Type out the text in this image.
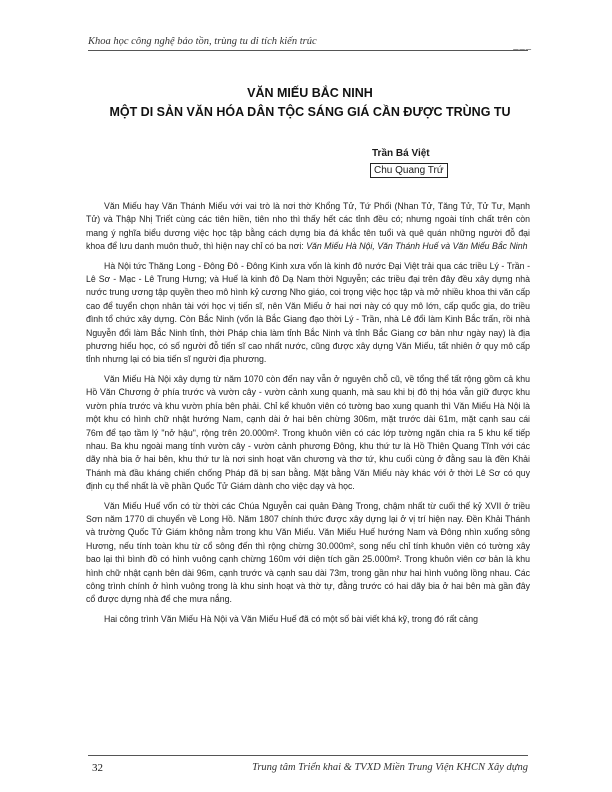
Khoa học công nghệ bảo tồn, trùng tu di tích kiến trúc	___
VĂN MIẾU BẮC NINH
MỘT DI SẢN VĂN HÓA DÂN TỘC SÁNG GIÁ CẦN ĐƯỢC TRÙNG TU
Trần Bá Việt
Chu Quang Trứ

Văn Miếu hay Văn Thánh Miếu với vai trò là nơi thờ Khổng Tử, Tứ Phối (Nhan Tử, Tăng Tử, Tử Tư, Mạnh Tử) và Thập Nhị Triết cùng các tiên hiền, tiên nho thì thấy hết các tỉnh đều có; nhưng ngoài tính chất trên còn mang ý nghĩa biểu dương việc học tập bằng cách dựng bia đá khắc tên tuổi và quê quán những người đỗ đại khoa để lưu danh muôn thuở, thì hiện nay chỉ có ba nơi: Văn Miếu Hà Nội, Văn Thánh Huế và Văn Miếu Bắc Ninh

Hà Nội tức Thăng Long - Đông Đô - Đông Kinh xưa vốn là kinh đô nước Đại Việt trải qua các triều Lý - Trần - Lê Sơ - Mạc - Lê Trung Hưng; và Huế là kinh đô Dạ Nam thời Nguyễn; các triều đại trên đây đều xây dựng nhà nước trung ương tập quyền theo mô hình kỷ cương Nho giáo, coi trọng việc học tập và mở nhiều khoa thi văn cấp cao để tuyển chọn nhân tài với học vị tiến sĩ, nên Văn Miếu ở hai nơi này có quy mô lớn, cấp quốc gia, do triều đình tổ chức xây dựng. Còn Bắc Ninh (vốn là Bắc Giang đạo thời Lý - Trần, nhà Lê đổi làm Kinh Bắc trấn, rồi nhà Nguyễn đổi làm Bắc Ninh tỉnh, thời Pháp chia làm tỉnh Bắc Ninh và tỉnh Bắc Giang cơ bản như ngày nay) là địa phương hiếu học, có số người đỗ tiến sĩ cao nhất nước, cũng được xây dựng Văn Miếu, tất nhiên ở quy mô cấp tỉnh nhưng lại có bia tiến sĩ người địa phương.

Văn Miếu Hà Nội xây dựng từ năm 1070 còn đến nay vẫn ở nguyên chỗ cũ, về tổng thể tất rộng gồm cả khu Hồ Văn Chương ở phía trước và vườn cây - vườn cảnh xung quanh, mà sau khi bị đô thị hóa vẫn giữ được khu vườn phía trước và khu vườn phía bên phải. Chỉ kể khuôn viên có tường bao xung quanh thì Văn Miếu Hà Nội là một khu có hình chữ nhật hướng Nam, cạnh dài ở hai bên chừng 306m, mặt trước dài 61m, mặt cạnh sau cái 76m để tạo tầm lý "nở hậu", rộng trên 20.000m². Trong khuôn viên có các lớp tường ngăn chia ra 5 khu kế tiếp nhau. Ba khu ngoài mang tính vườn cây - vườn cảnh phương Đông, khu thứ tư là Hồ Thiên Quang Tĩnh với các dãy nhà bia ở hai bên, khu thứ tư là nơi sinh hoạt văn chương và thơ tứ, khu cuối cùng ở đằng sau là đền Khải Thánh mà đầu kháng chiến chống Pháp đã bị san bằng. Mặt bằng Văn Miếu này khác với ở thời Lê Sơ có quy định cụ thể nhất là về phần Quốc Tử Giám dành cho việc dạy và học.

Văn Miếu Huế vốn có từ thời các Chúa Nguyễn cai quản Đàng Trong, chậm nhất từ cuối thế kỷ XVII ở triều Sơn năm 1770 di chuyển về Long Hồ. Năm 1807 chính thức được xây dựng lại ở vị trí hiện nay. Đền Khải Thánh và trường Quốc Tử Giám không nằm trong khu Văn Miếu. Văn Miếu Huế hướng Nam và Đông nhìn xuống sông Hương, nếu tính toàn khu từ cổ sông đến thì rộng chừng 30.000m², song nếu chỉ tính khuôn viên có tường xây bao lại thì bình đồ có hình vuông cạnh chừng 160m với diện tích gần 25.000m². Trong khuôn viên cơ bản là khu hình chữ nhật cạnh bên dài 96m, cạnh trước và cạnh sau dài 73m, trong gần như hai hình vuông lồng nhau. Các công trình chính ở hình vuông trong là khu sinh hoạt và thờ tự, đằng trước có hai dãy bia ở hai bên mà gần đây cổ được dựng nhà để che mưa nắng.

Hai công trình Văn Miếu Hà Nội và Văn Miếu Huế đã có một số bài viết khá kỹ, trong đó rất cảng

32	Trung tâm Triển khai & TVXD Miền Trung Viện KHCN Xây dựng
